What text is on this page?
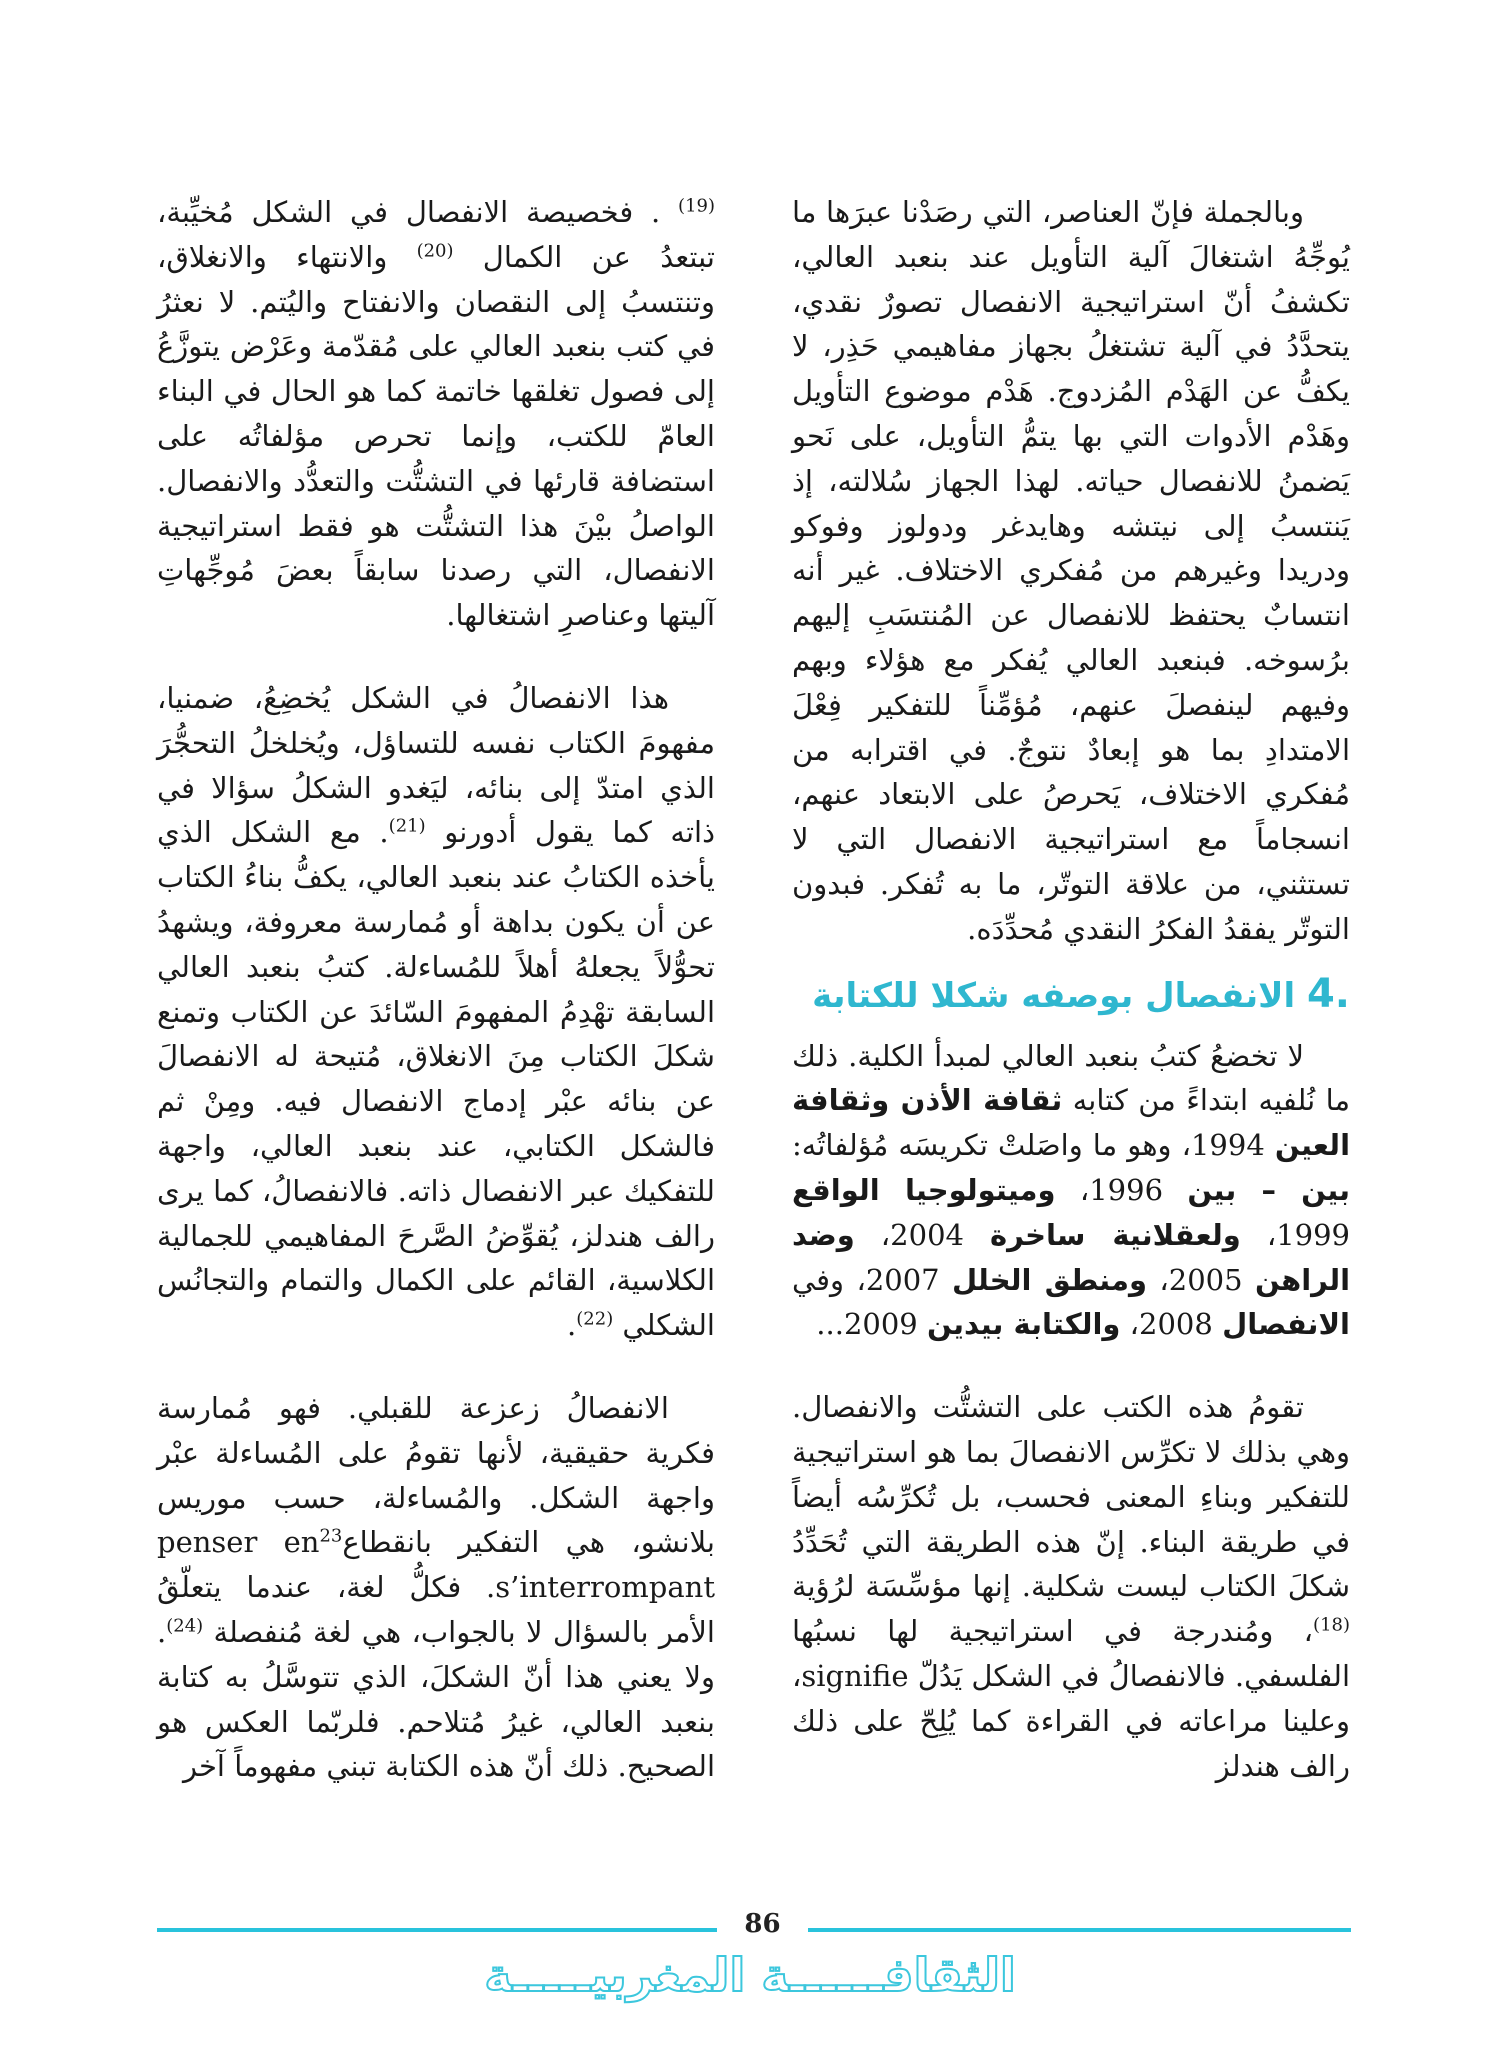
وبالجملة فإنّ العناصر، التي رصَدْنا عبرَها ما يُوجِّهُ اشتغالَ آلية التأويل عند بنعبد العالي، تكشفُ أنّ استراتيجية الانفصال تصورٌ نقدي، يتحدَّدُ في آلية تشتغلُ بجهاز مفاهيمي حَذِر، لا يكفُّ عن الهَدْم المُزدوج. هَدْم موضوع التأويل وهَدْم الأدوات التي بها يتمُّ التأويل، على نَحو يَضمنُ للانفصال حياته. لهذا الجهاز سُلالته، إذ يَنتسبُ إلى نيتشه وهايدغر ودولوز وفوكو ودريدا وغيرهم من مُفكري الاختلاف. غير أنه انتسابٌ يحتفظ للانفصال عن المُنتسَبِ إليهم برُسوخه. فبنعبد العالي يُفكر مع هؤلاء وبهم وفيهم لينفصلَ عنهم، مُؤمِّناً للتفكير فِعْلَ الامتدادِ بما هو إبعادٌ نتوجٌ. في اقترابه من مُفكري الاختلاف، يَحرصُ على الابتعاد عنهم، انسجاماً مع استراتيجية الانفصال التي لا تستثني، من علاقة التوتّر، ما به تُفكر. فبدون التوتّر يفقدُ الفكرُ النقدي مُحدِّدَه.

.4 الانفصال بوصفه شكلا للكتابة

لا تخضعُ كتبُ بنعبد العالي لمبدأ الكلية. ذلك ما نُلفيه ابتداءً من كتابه ثقافة الأذن وثقافة العين 1994، وهو ما واصَلتْ تكريسَه مُؤلفاتُه: بين – بين 1996، وميتولوجيا الواقع 1999، ولعقلانية ساخرة 2004، وضد الراهن 2005، ومنطق الخلل 2007، وفي الانفصال 2008، والكتابة بيدين 2009...

تقومُ هذه الكتب على التشتُّت والانفصال. وهي بذلك لا تكرِّس الانفصالَ بما هو استراتيجية للتفكير وبناءِ المعنى فحسب، بل تُكرِّسُه أيضاً في طريقة البناء. إنّ هذه الطريقة التي تُحَدِّدُ شكلَ الكتاب ليست شكلية. إنها مؤسِّسَة لرُؤية $^{(18)}$، ومُندرجة في استراتيجية لها نسبُها الفلسفي. فالانفصالُ في الشكل يَدُلّ signifie، وعلينا مراعاته في القراءة كما يُلِحّ على ذلك رالف هندلز

$^{(19)}$ . فخصيصة الانفصال في الشكل مُخيِّبة، تبتعدُ عن الكمال $^{(20)}$ والانتهاء والانغلاق، وتنتسبُ إلى النقصان والانفتاح واليُتم. لا نعثرُ في كتب بنعبد العالي على مُقدّمة وعَرْض يتوزَّعُ إلى فصول تغلقها خاتمة كما هو الحال في البناء العامّ للكتب، وإنما تحرص مؤلفاتُه على استضافة قارئها في التشتُّت والتعدُّد والانفصال. الواصلُ بيْنَ هذا التشتُّت هو فقط استراتيجية الانفصال، التي رصدنا سابقاً بعضَ مُوجِّهاتِ آليتها وعناصرِ اشتغالها.

هذا الانفصالُ في الشكل يُخضِعُ، ضمنيا، مفهومَ الكتاب نفسه للتساؤل، ويُخلخلُ التحجُّرَ الذي امتدّ إلى بنائه، ليَغدو الشكلُ سؤالا في ذاته كما يقول أدورنو $^{(21)}$. مع الشكل الذي يأخذه الكتابُ عند بنعبد العالي، يكفُّ بناءُ الكتاب عن أن يكون بداهة أو مُمارسة معروفة، ويشهدُ تحوُّلاً يجعلهُ أهلاً للمُساءلة. كتبُ بنعبد العالي السابقة تهْدِمُ المفهومَ السّائدَ عن الكتاب وتمنع شكلَ الكتاب مِنَ الانغلاق، مُتيحة له الانفصالَ عن بنائه عبْر إدماج الانفصال فيه. ومِنْ ثم فالشكل الكتابي، عند بنعبد العالي، واجهة للتفكيك عبر الانفصال ذاته. فالانفصالُ، كما يرى رالف هندلز، يُقوِّضُ الصَّرحَ المفاهيمي للجمالية الكلاسية، القائم على الكمال والتمام والتجانُس الشكلي $^{(22)}$.

الانفصالُ زعزعة للقبلي. فهو مُمارسة فكرية حقيقية، لأنها تقومُ على المُساءلة عبْر واجهة الشكل. والمُساءلة، حسب موريس بلانشو، هي التفكير بانقطاع$^{23}$penser en s’interrompant. فكلُّ لغة، عندما يتعلّقُ الأمر بالسؤال لا بالجواب، هي لغة مُنفصلة $^{(24)}$. ولا يعني هذا أنّ الشكلَ، الذي تتوسَّلُ به كتابة بنعبد العالي، غيرُ مُتلاحم. فلربّما العكس هو الصحيح. ذلك أنّ هذه الكتابة تبني مفهوماً آخر

86
الثقافــــــة المغربيـــــة
